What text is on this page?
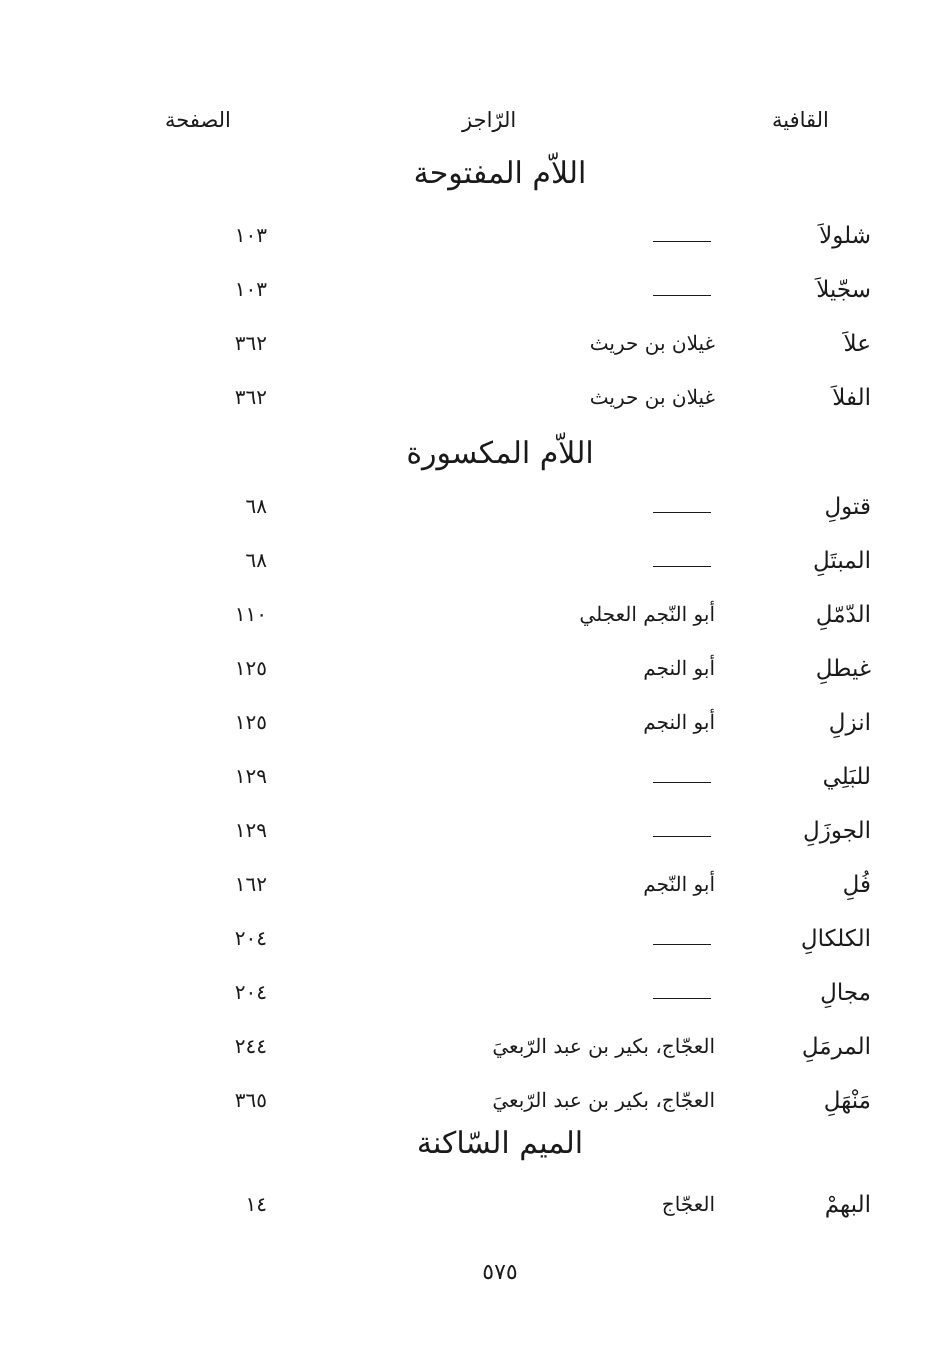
القافية
الرّاجز
الصفحة
اللاّم المفتوحة
شلولاَ
١٠٣
سجّيلاَ
١٠٣
علاَ
غيلان بن حريث
٣٦٢
الفلاَ
غيلان بن حريث
٣٦٢
اللاّم المكسورة
قتولِ
٦٨
المبتَلِ
٦٨
الدّمّلِ
أبو النّجم العجلي
١١٠
غيطلِ
أبو النجم
١٢٥
انزلِ
أبو النجم
١٢٥
للبَلِي
١٢٩
الجوزَلِ
١٢٩
فُلِ
أبو النّجم
١٦٢
الكلكالِ
٢٠٤
مجالِ
٢٠٤
المرمَلِ
العجّاج، بكير بن عبد الرّبعيَ
٢٤٤
مَنْهَلِ
العجّاج، بكير بن عبد الرّبعيَ
٣٦٥
الميم السّاكنة
البهمْ
العجّاج
١٤
٥٧٥
